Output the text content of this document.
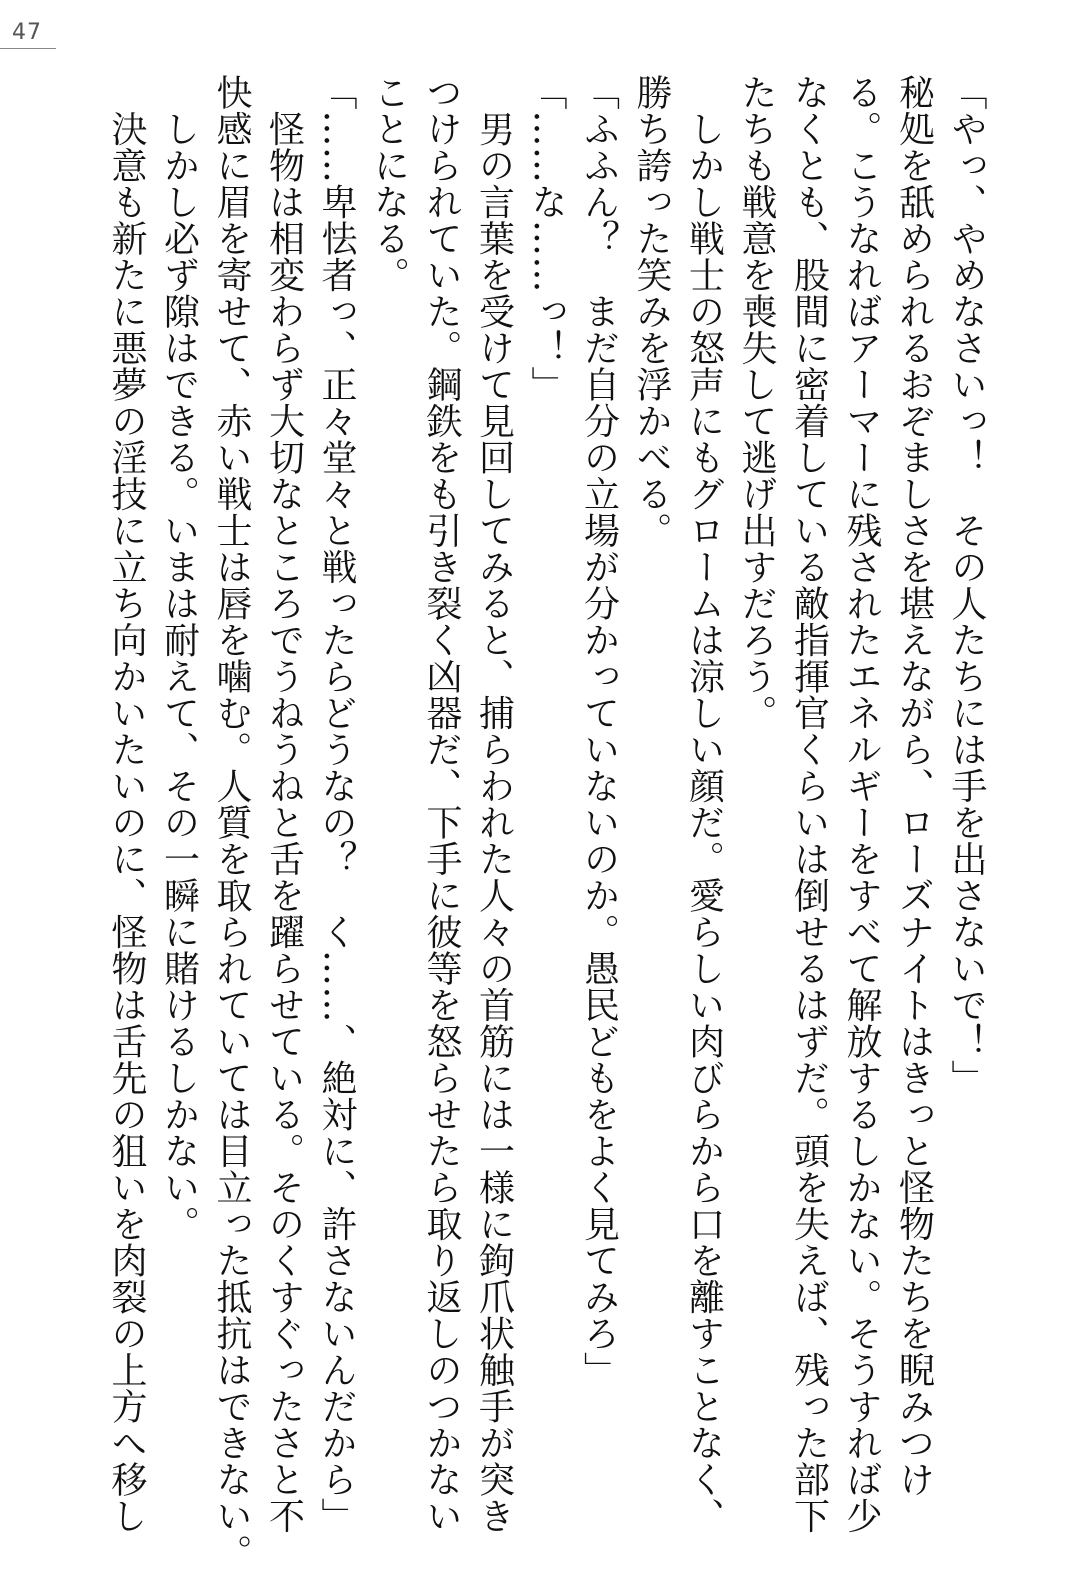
47
「やっ、やめなさいっ！　その人たちには手を出さないで！」
秘処を舐められるおぞましさを堪えながら、ローズナイトはきっと怪物たちを睨みつけ
る。こうなればアーマーに残されたエネルギーをすべて解放するしかない。そうすれば少
なくとも、股間に密着している敵指揮官くらいは倒せるはずだ。頭を失えば、残った部下
たちも戦意を喪失して逃げ出すだろう。
　しかし戦士の怒声にもグロームは涼しい顔だ。愛らしい肉びらから口を離すことなく、
勝ち誇った笑みを浮かべる。
「ふふん？　まだ自分の立場が分かっていないのか。愚民どもをよく見てみろ」
「……な……っ！」
　男の言葉を受けて見回してみると、捕らわれた人々の首筋には一様に鉤爪状触手が突き
つけられていた。鋼鉄をも引き裂く凶器だ、下手に彼等を怒らせたら取り返しのつかない
ことになる。
「……卑怯者っ、正々堂々と戦ったらどうなの？　く……、絶対に、許さないんだから」
　怪物は相変わらず大切なところでうねうねと舌を躍らせている。そのくすぐったさと不
快感に眉を寄せて、赤い戦士は唇を噛む。人質を取られていては目立った抵抗はできない。
　しかし必ず隙はできる。いまは耐えて、その一瞬に賭けるしかない。
　決意も新たに悪夢の淫技に立ち向かいたいのに、怪物は舌先の狙いを肉裂の上方へ移し
